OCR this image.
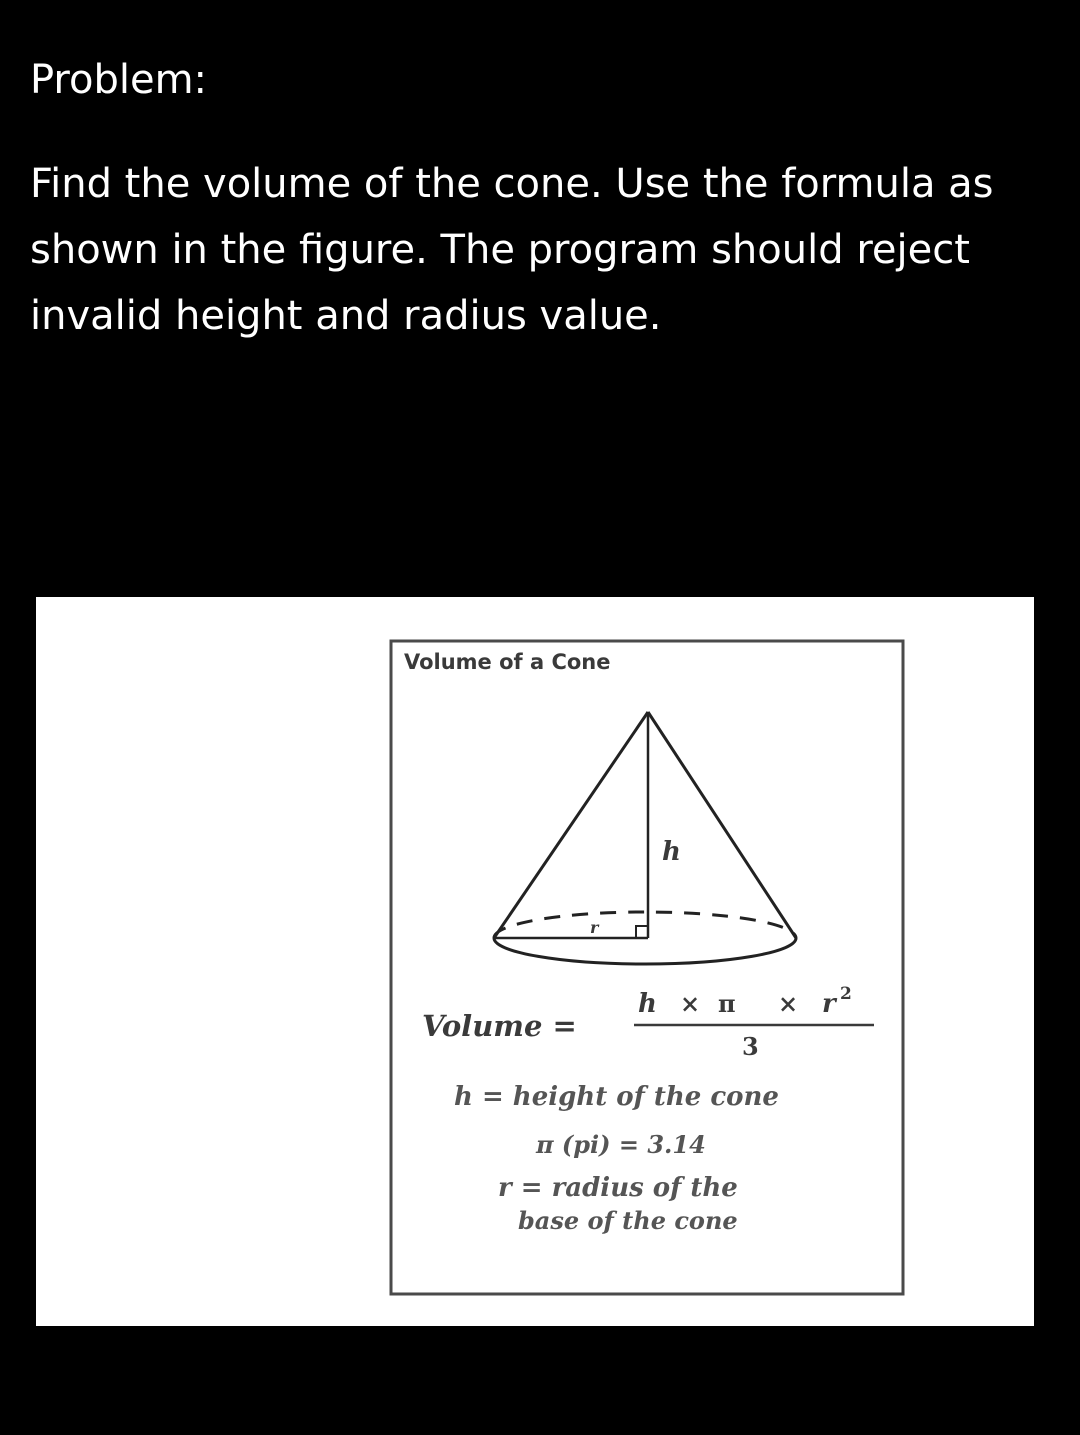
Problem:

Find the volume of the cone. Use the formula as shown in the figure. The program should reject invalid height and radius value.

Volume of a Cone
h
r
Volume =
h × π × r 2
3
h = height of the cone
π (pi) = 3.14
r = radius of the
base of the cone
